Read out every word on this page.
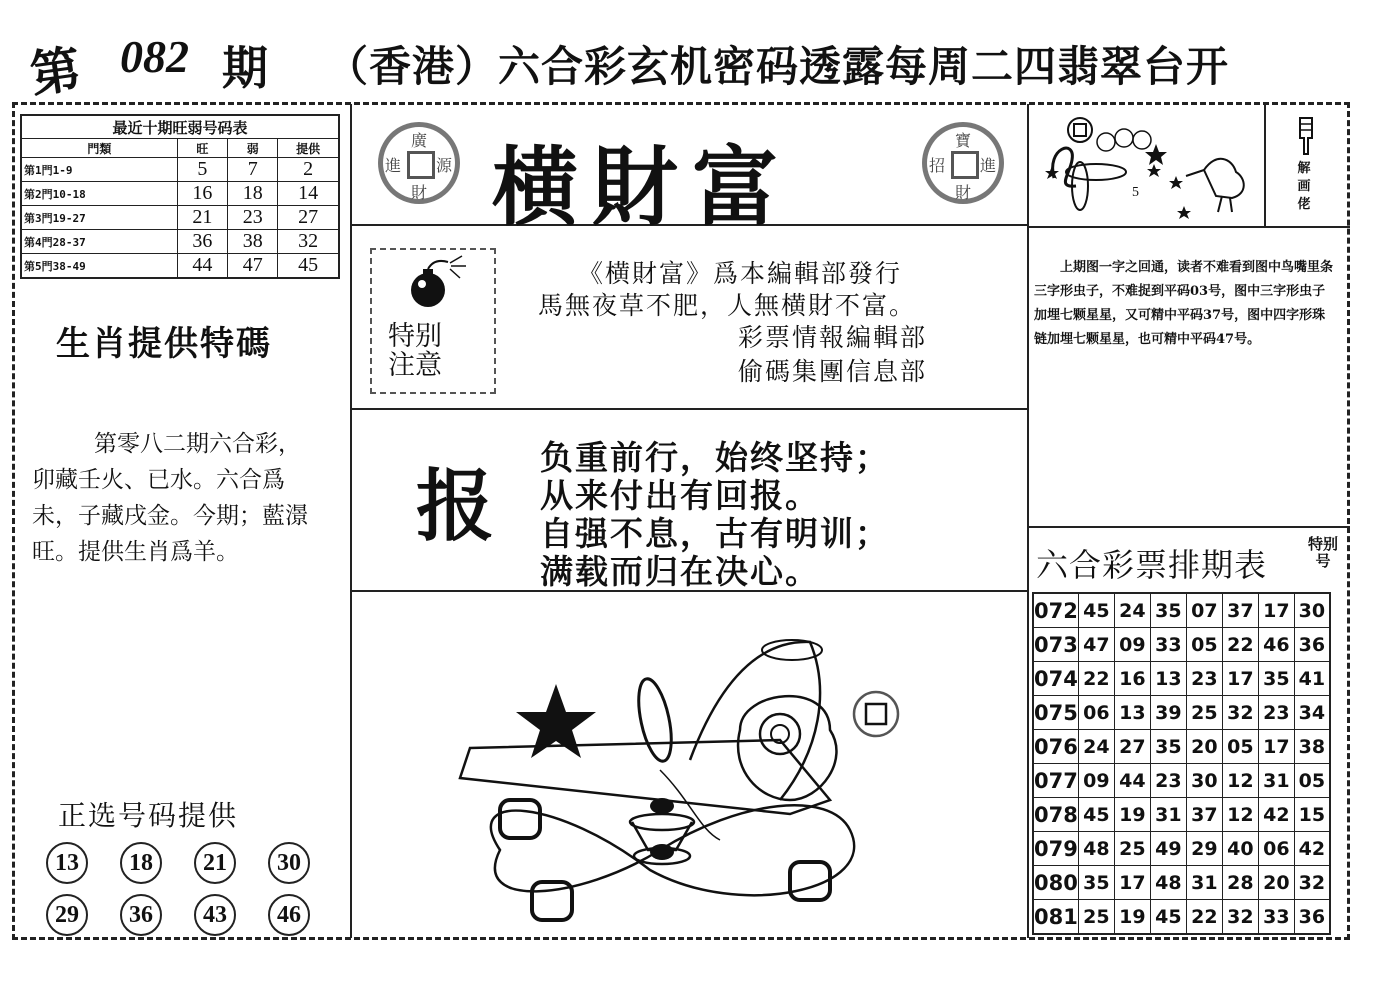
第 082 期 （香港）六合彩玄机密码透露每周二四翡翠台开
最近十期旺弱号码表			
門類	旺	弱	提供
第1門1-9	5	7	2
第2門10-18	16	18	14
第3門19-27	21	23	27
第4門28-37	36	38	32
第5門38-49	44	47	45
生肖提供特碼
第零八二期六合彩，卯藏壬火、已水。六合爲未，子藏戌金。今期；藍澋旺。提供生肖爲羊。
正选号码提供
13	18	21	30
29	36	43	46
廣
源
財
進 横財富	寶
進
財
招
特别
注意
《横財富》爲本編輯部發行
馬無夜草不肥，人無横財不富。
彩票情報編輯部
偷碼集團信息部
报
负重前行，始终坚持；
从来付出有回报。
自强不息，古有明训；
满载而归在决心。
5
解画佬
上期图一字之回通，读者不难看到图中鸟嘴里条三字形虫子，不难捉到平码03号，图中三字形虫子加埋七颗星星，又可精中平码37号，图中四字形珠链加埋七颗星星，也可精中平码47号。
六合彩票排期表
特别号
072	45	24	35	07	37	17	30
073	47	09	33	05	22	46	36
074	22	16	13	23	17	35	41
075	06	13	39	25	32	23	34
076	24	27	35	20	05	17	38
077	09	44	23	30	12	31	05
078	45	19	31	37	12	42	15
079	48	25	49	29	40	06	42
080	35	17	48	31	28	20	32
081	25	19	45	22	32	33	36
